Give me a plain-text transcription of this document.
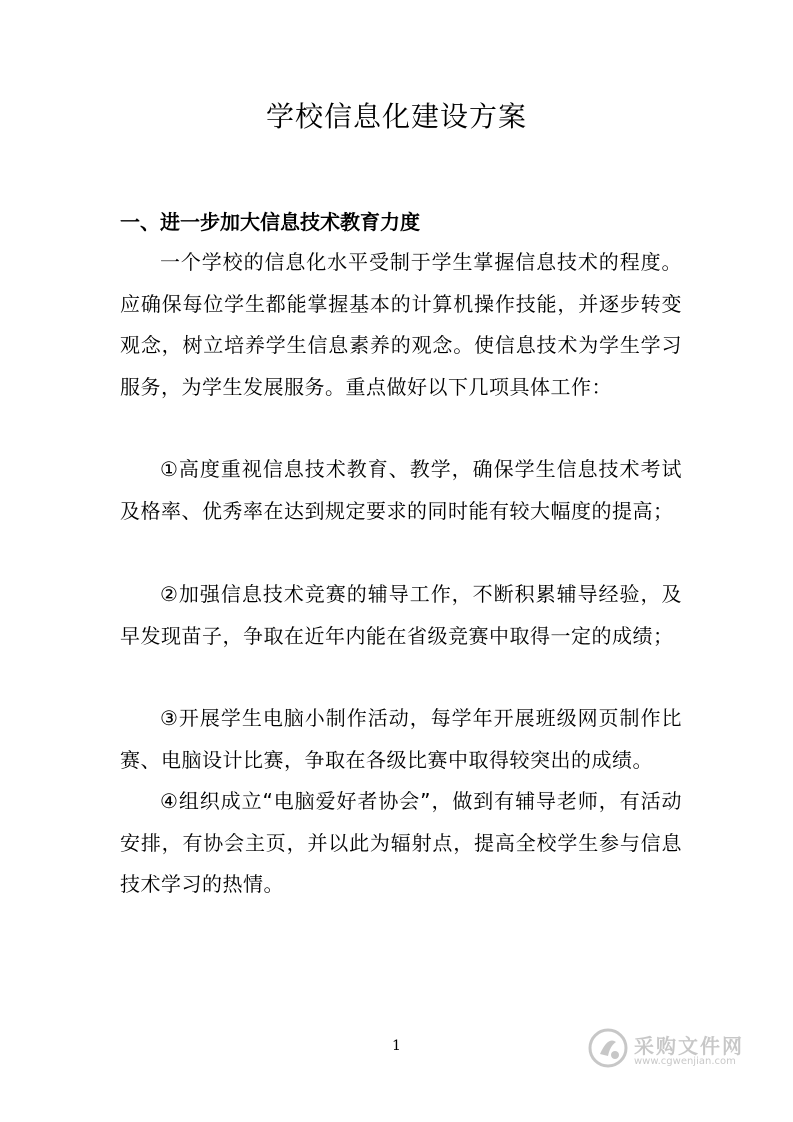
学校信息化建设方案
一、进一步加大信息技术教育力度
一个学校的信息化水平受制于学生掌握信息技术的程度。应确保每位学生都能掌握基本的计算机操作技能，并逐步转变观念，树立培养学生信息素养的观念。使信息技术为学生学习服务，为学生发展服务。重点做好以下几项具体工作：
①高度重视信息技术教育、教学，确保学生信息技术考试及格率、优秀率在达到规定要求的同时能有较大幅度的提高；
②加强信息技术竞赛的辅导工作，不断积累辅导经验，及早发现苗子，争取在近年内能在省级竞赛中取得一定的成绩；
③开展学生电脑小制作活动，每学年开展班级网页制作比赛、电脑设计比赛，争取在各级比赛中取得较突出的成绩。
④组织成立“电脑爱好者协会”，做到有辅导老师，有活动安排，有协会主页，并以此为辐射点，提高全校学生参与信息技术学习的热情。
1	采购文件网
www.cgwenjian.com
